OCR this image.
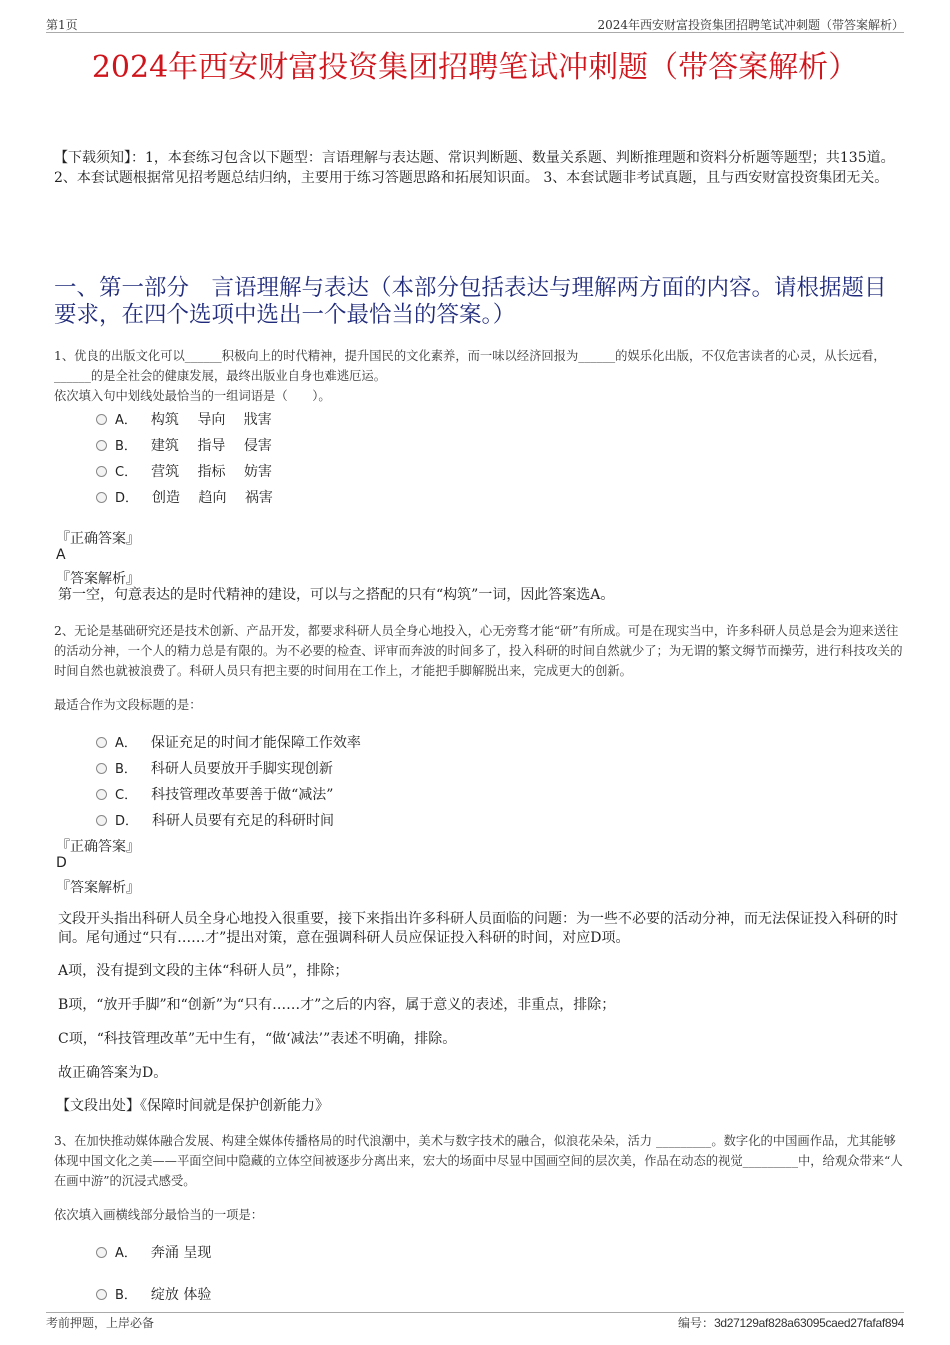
第1页	2024年西安财富投资集团招聘笔试冲刺题（带答案解析）
2024年西安财富投资集团招聘笔试冲刺题（带答案解析）
【下载须知】：1，本套练习包含以下题型：言语理解与表达题、常识判断题、数量关系题、判断推理题和资料分析题等题型；共135道。 2、本套试题根据常见招考题总结归纳，主要用于练习答题思路和拓展知识面。 3、本套试题非考试真题，且与西安财富投资集团无关。
一、第一部分　言语理解与表达（本部分包括表达与理解两方面的内容。请根据题目要求，在四个选项中选出一个最恰当的答案。）
1、优良的出版文化可以______积极向上的时代精神，提升国民的文化素养，而一味以经济回报为______的娱乐化出版，不仅危害读者的心灵，从长远看，______的是全社会的健康发展，最终出版业自身也难逃厄运。
依次填入句中划线处最恰当的一组词语是（　　）。
A． 构筑　 导向　 戕害
B． 建筑　 指导　 侵害
C． 营筑　 指标　 妨害
D． 创造　 趋向　 祸害
『正确答案』
A
『答案解析』
第一空，句意表达的是时代精神的建设，可以与之搭配的只有“构筑”一词，因此答案选A。
2、无论是基础研究还是技术创新、产品开发，都要求科研人员全身心地投入，心无旁骛才能“研”有所成。可是在现实当中，许多科研人员总是会为迎来送往的活动分神，一个人的精力总是有限的。为不必要的检查、评审而奔波的时间多了，投入科研的时间自然就少了；为无谓的繁文缛节而操劳，进行科技攻关的时间自然也就被浪费了。科研人员只有把主要的时间用在工作上，才能把手脚解脱出来，完成更大的创新。
最适合作为文段标题的是：
A． 保证充足的时间才能保障工作效率
B． 科研人员要放开手脚实现创新
C． 科技管理改革要善于做“减法”
D． 科研人员要有充足的科研时间
『正确答案』
D
『答案解析』
文段开头指出科研人员全身心地投入很重要，接下来指出许多科研人员面临的问题：为一些不必要的活动分神，而无法保证投入科研的时间。尾句通过“只有……才”提出对策，意在强调科研人员应保证投入科研的时间，对应D项。
A项，没有提到文段的主体“科研人员”，排除；
B项，“放开手脚”和“创新”为“只有……才”之后的内容，属于意义的表述，非重点，排除；
C项，“科技管理改革”无中生有，“做‘减法’”表述不明确，排除。
故正确答案为D。
【文段出处】《保障时间就是保护创新能力》
3、在加快推动媒体融合发展、构建全媒体传播格局的时代浪潮中，美术与数字技术的融合，似浪花朵朵，活力 _________。数字化的中国画作品，尤其能够体现中国文化之美——平面空间中隐藏的立体空间被逐步分离出来，宏大的场面中尽显中国画空间的层次美，作品在动态的视觉_________中，给观众带来“人在画中游”的沉浸式感受。
依次填入画横线部分最恰当的一项是：
A． 奔涌 呈现
B． 绽放 体验
考前押题，上岸必备	编号：3d27129af828a63095caed27fafaf894
